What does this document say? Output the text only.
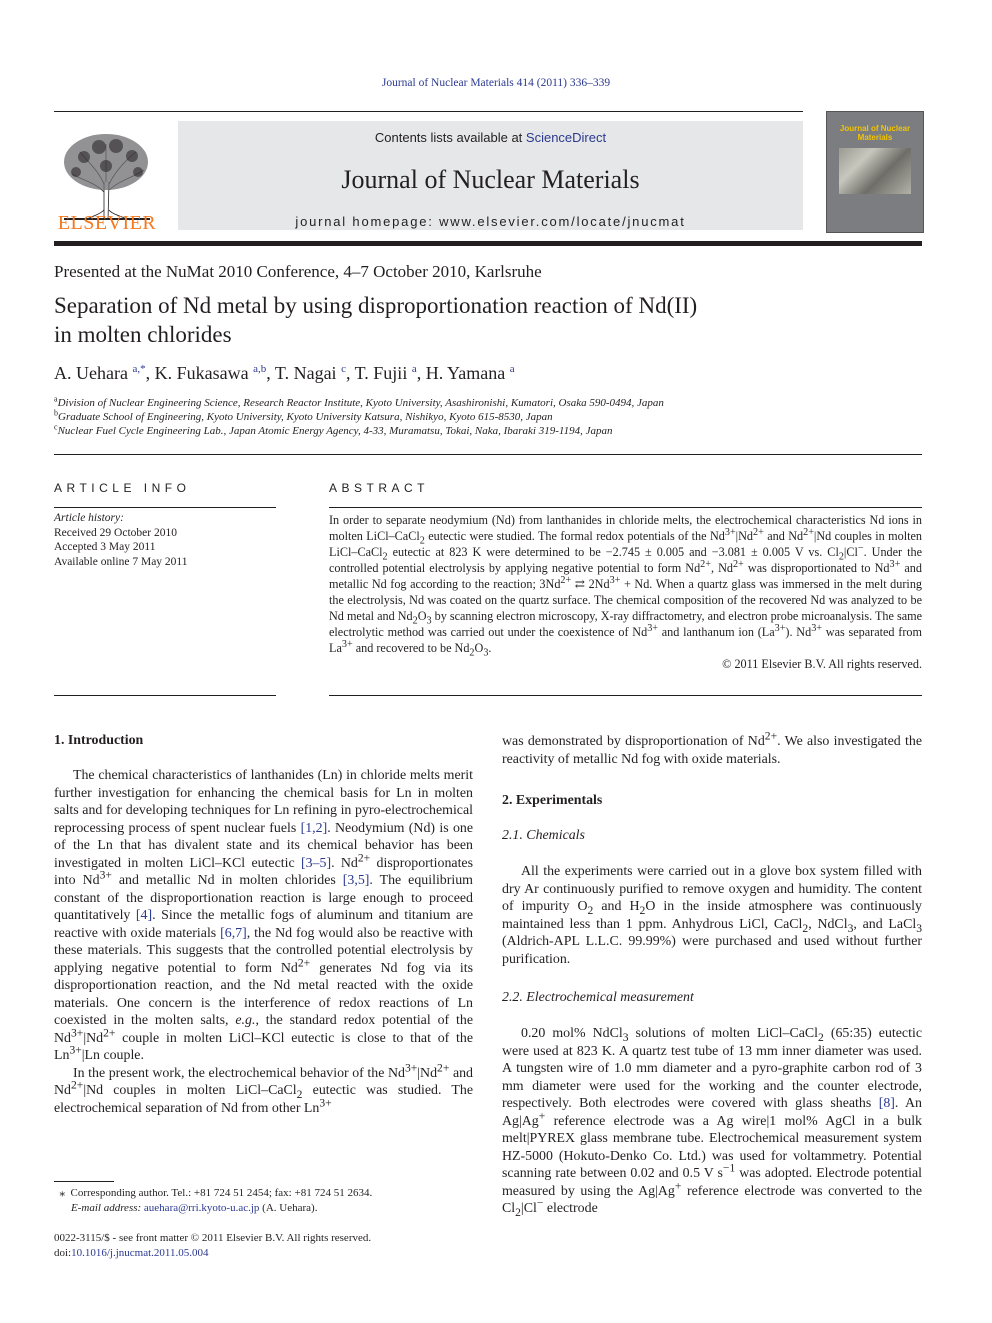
Journal of Nuclear Materials 414 (2011) 336–339
ELSEVIER
Contents lists available at ScienceDirect
Journal of Nuclear Materials
journal homepage: www.elsevier.com/locate/jnucmat
Journal of Nuclear Materials
Presented at the NuMat 2010 Conference, 4–7 October 2010, Karlsruhe
Separation of Nd metal by using disproportionation reaction of Nd(II)
in molten chlorides
A. Uehara $^{a,*}$, K. Fukasawa $^{a,b}$, T. Nagai $^c$, T. Fujii $^a$, H. Yamana $^a$
$^a$Division of Nuclear Engineering Science, Research Reactor Institute, Kyoto University, Asashironishi, Kumatori, Osaka 590-0494, Japan
$^b$Graduate School of Engineering, Kyoto University, Kyoto University Katsura, Nishikyo, Kyoto 615-8530, Japan
$^c$Nuclear Fuel Cycle Engineering Lab., Japan Atomic Energy Agency, 4-33, Muramatsu, Tokai, Naka, Ibaraki 319-1194, Japan
ARTICLE INFO	ABSTRACT
Article history:
Received 29 October 2010
Accepted 3 May 2011
Available online 7 May 2011
In order to separate neodymium (Nd) from lanthanides in chloride melts, the electrochemical characteristics Nd ions in molten LiCl–CaCl$_2$ eutectic were studied. The formal redox potentials of the $Nd^{3+}|Nd^{2+}$ and $Nd^{2+}|Nd$ couples in molten LiCl–CaCl$_2$ eutectic at 823 K were determined to be −2.745 ± 0.005 and −3.081 ± 0.005 V vs. $Cl_2|Cl^-$. Under the controlled potential electrolysis by applying negative potential to form $Nd^{2+}$, $Nd^{2+}$ was disproportionated to $Nd^{3+}$ and metallic Nd fog according to the reaction; $3Nd^{2+}$ ⇄ $2Nd^{3+} + Nd$. When a quartz glass was immersed in the melt during the electrolysis, Nd was coated on the quartz surface. The chemical composition of the recovered Nd was analyzed to be Nd metal and $Nd_2O_3$ by scanning electron microscopy, X-ray diffractometry, and electron probe microanalysis. The same electrolytic method was carried out under the coexistence of $Nd^{3+}$ and lanthanum ion $(La^{3+})$. $Nd^{3+}$ was separated from $La^{3+}$ and recovered to be $Nd_2O_3$.
© 2011 Elsevier B.V. All rights reserved.
1. Introduction

The chemical characteristics of lanthanides (Ln) in chloride melts merit further investigation for enhancing the chemical basis for Ln in molten salts and for developing techniques for Ln refining in pyro-electrochemical reprocessing process of spent nuclear fuels [1,2]. Neodymium (Nd) is one of the Ln that has divalent state and its chemical behavior has been investigated in molten LiCl–KCl eutectic [3–5]. $Nd^{2+}$ disproportionates into $Nd^{3+}$ and metallic Nd in molten chlorides [3,5]. The equilibrium constant of the disproportionation reaction is large enough to proceed quantitatively [4]. Since the metallic fogs of aluminum and titanium are reactive with oxide materials [6,7], the Nd fog would also be reactive with these materials. This suggests that the controlled potential electrolysis by applying negative potential to form $Nd^{2+}$ generates Nd fog via its disproportionation reaction, and the Nd metal reacted with the oxide materials. One concern is the interference of redox reactions of Ln coexisted in the molten salts, e.g., the standard redox potential of the $Nd^{3+}|Nd^{2+}$ couple in molten LiCl–KCl eutectic is close to that of the $Ln^{3+}|Ln$ couple.

In the present work, the electrochemical behavior of the $Nd^{3+}|Nd^{2+}$ and $Nd^{2+}|Nd$ couples in molten LiCl–CaCl$_2$ eutectic was studied. The electrochemical separation of Nd from other $Ln^{3+}$

was demonstrated by disproportionation of $Nd^{2+}$. We also investigated the reactivity of metallic Nd fog with oxide materials.

2. Experimentals
2.1. Chemicals

All the experiments were carried out in a glove box system filled with dry Ar continuously purified to remove oxygen and humidity. The content of impurity $O_2$ and $H_2O$ in the inside atmosphere was continuously maintained less than 1 ppm. Anhydrous LiCl, CaCl$_2$, NdCl$_3$, and LaCl$_3$ (Aldrich-APL L.L.C. 99.99%) were purchased and used without further purification.

2.2. Electrochemical measurement

0.20 mol% NdCl$_3$ solutions of molten LiCl–CaCl$_2$ (65:35) eutectic were used at 823 K. A quartz test tube of 13 mm inner diameter was used. A tungsten wire of 1.0 mm diameter and a pyro-graphite carbon rod of 3 mm diameter were used for the working and the counter electrode, respectively. Both electrodes were covered with glass sheaths [8]. An Ag|Ag+ reference electrode was a Ag wire|1 mol% AgCl in a bulk melt|PYREX glass membrane tube. Electrochemical measurement system HZ-5000 (Hokuto-Denko Co. Ltd.) was used for voltammetry. Potential scanning rate between 0.02 and 0.5 V $s^{-1}$ was adopted. Electrode potential measured by using the Ag|Ag+ reference electrode was converted to the $Cl_2|Cl^-$ electrode

⁎ Corresponding author. Tel.: +81 724 51 2454; fax: +81 724 51 2634.
E-mail address: auehara@rri.kyoto-u.ac.jp (A. Uehara).
0022-3115/$ - see front matter © 2011 Elsevier B.V. All rights reserved.
doi:10.1016/j.jnucmat.2011.05.004
